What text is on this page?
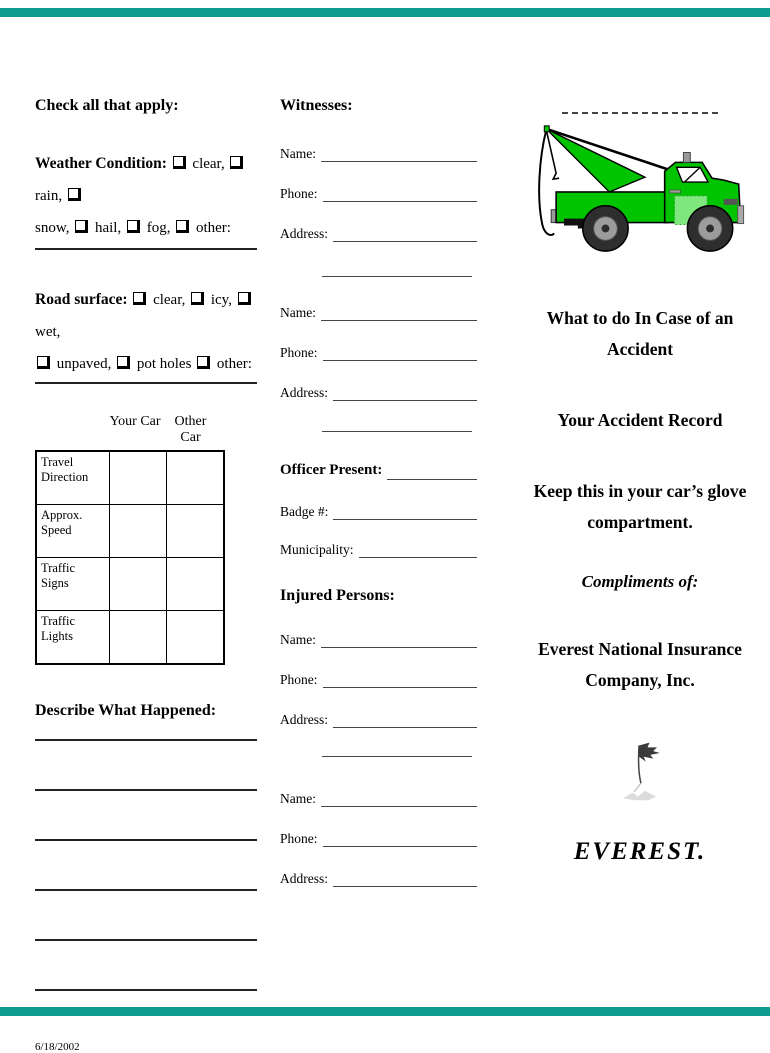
Check all that apply:

Weather Condition: clear,  rain,
snow, hail, fog, other:

Road surface: clear, icy,  wet,
unpaved, pot holes other:

Your Car	Other Car
Travel Direction		
Approx. Speed		
Traffic Signs		
Traffic Lights		
Describe What Happened:
6/18/2002
Witnesses:
Name:
Phone:
Address:
Name:
Phone:
Address:
Officer Present:
Badge #:
Municipality:
Injured Persons:
Name:
Phone:
Address:
Name:
Phone:
Address:
What to do In Case of an Accident
Your Accident Record
Keep this in your car’s glove compartment.
Compliments of:
Everest National Insurance Company, Inc.
EVEREST.
